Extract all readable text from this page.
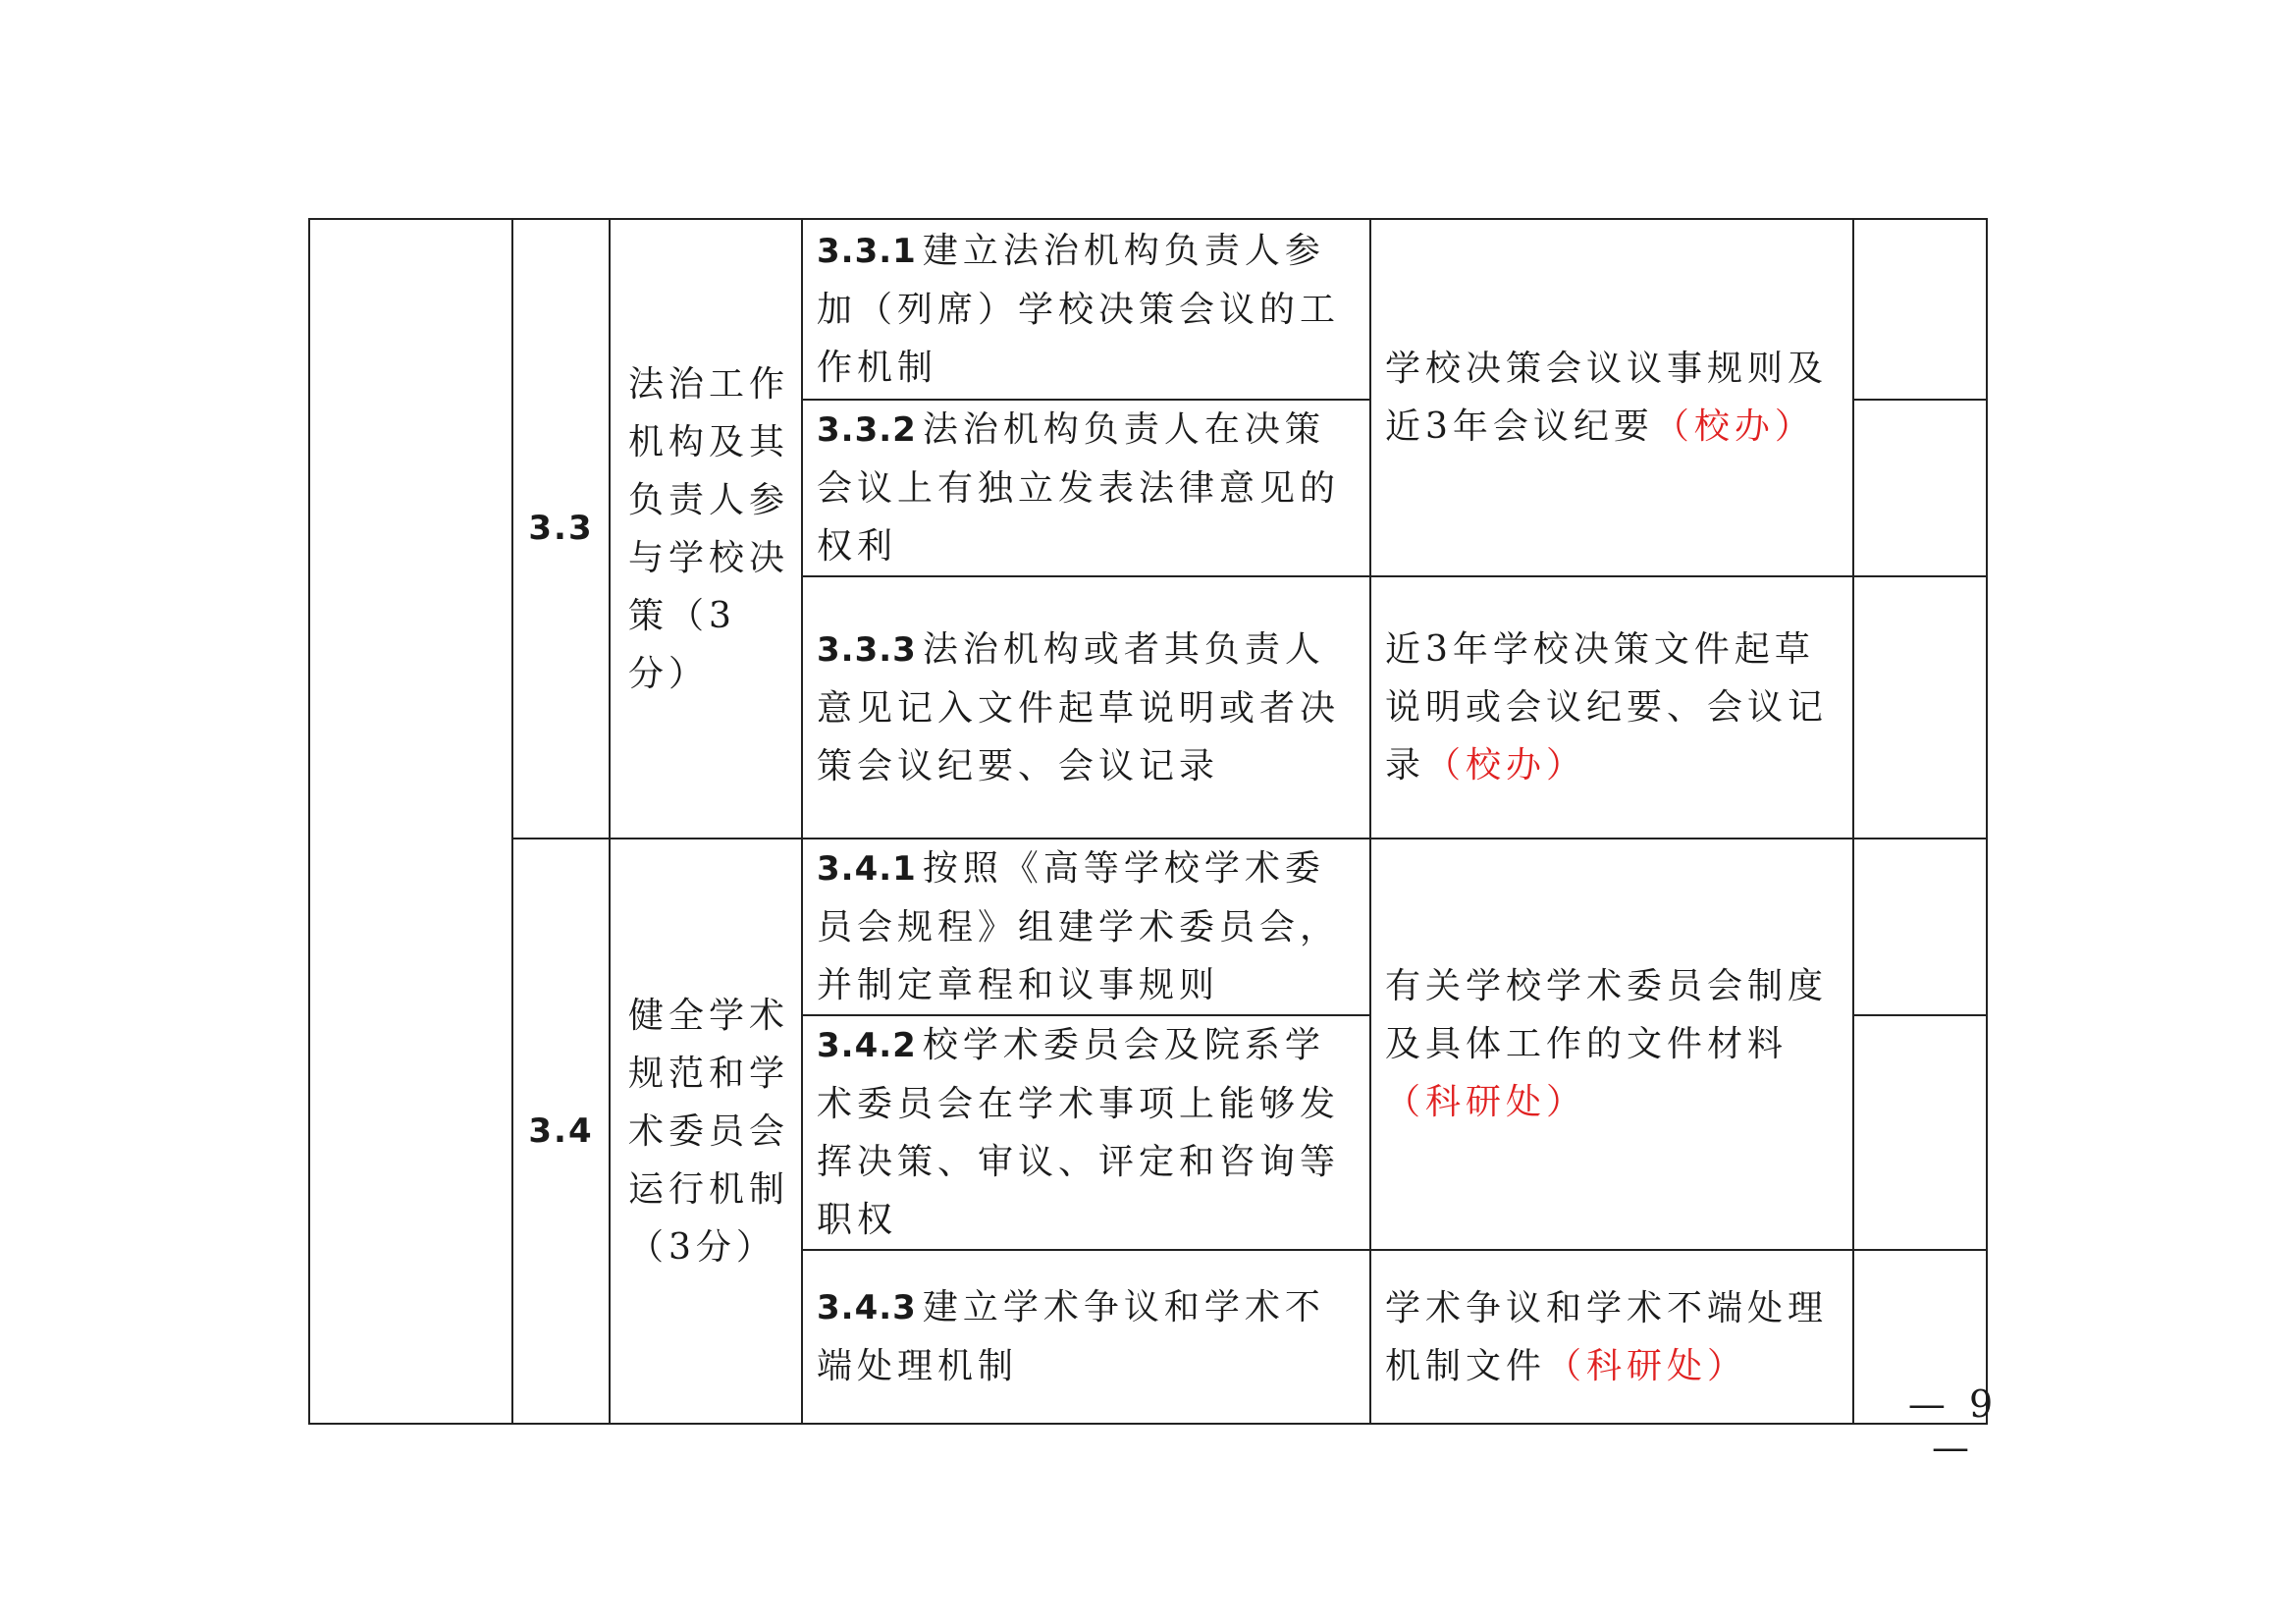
	3.3	法治工作机构及其负责人参与学校决策（3分）	3.3.1 建立法治机构负责人参加（列席）学校决策会议的工作机制	学校决策会议议事规则及近3年会议纪要（校办）	
			3.3.2 法治机构负责人在决策会议上有独立发表法律意见的权利		
			3.3.3 法治机构或者其负责人意见记入文件起草说明或者决策会议纪要、会议记录	近3年学校决策文件起草说明或会议纪要、会议记录（校办）	
	3.4	健全学术规范和学术委员会运行机制（3分）	3.4.1 按照《高等学校学术委员会规程》组建学术委员会，并制定章程和议事规则	有关学校学术委员会制度及具体工作的文件材料（科研处）	
			3.4.2 校学术委员会及院系学术委员会在学术事项上能够发挥决策、审议、评定和咨询等职权		
			3.4.3 建立学术争议和学术不端处理机制	学术争议和学术不端处理机制文件（科研处）	
— 9 —
